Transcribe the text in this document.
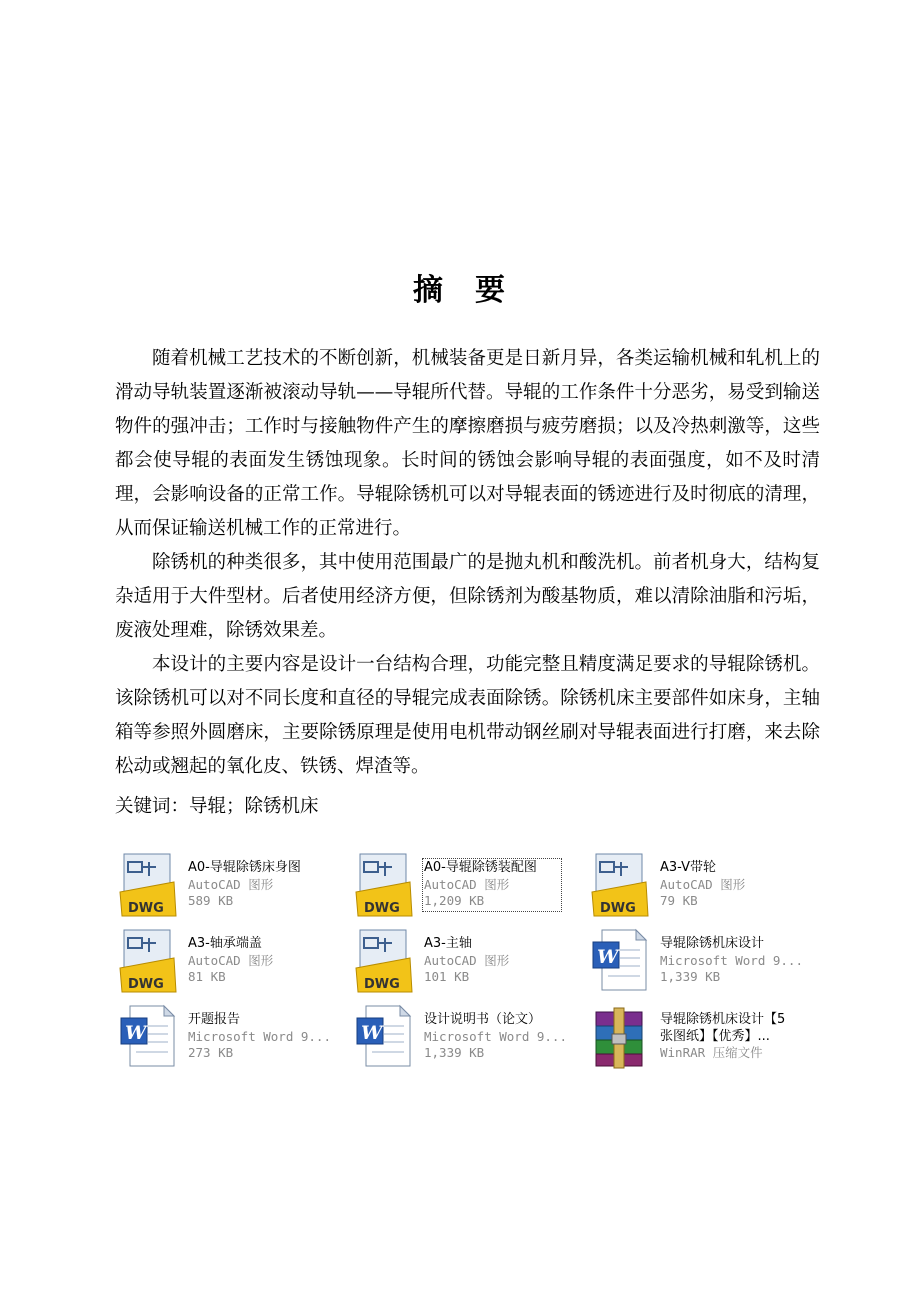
摘 要

随着机械工艺技术的不断创新，机械装备更是日新月异，各类运输机械和轧机上的滑动导轨装置逐渐被滚动导轨——导辊所代替。导辊的工作条件十分恶劣，易受到输送物件的强冲击；工作时与接触物件产生的摩擦磨损与疲劳磨损；以及冷热刺激等，这些都会使导辊的表面发生锈蚀现象。长时间的锈蚀会影响导辊的表面强度，如不及时清理，会影响设备的正常工作。导辊除锈机可以对导辊表面的锈迹进行及时彻底的清理，从而保证输送机械工作的正常进行。

除锈机的种类很多，其中使用范围最广的是抛丸机和酸洗机。前者机身大，结构复杂适用于大件型材。后者使用经济方便，但除锈剂为酸基物质，难以清除油脂和污垢，废液处理难，除锈效果差。

本设计的主要内容是设计一台结构合理，功能完整且精度满足要求的导辊除锈机。该除锈机可以对不同长度和直径的导辊完成表面除锈。除锈机床主要部件如床身，主轴箱等参照外圆磨床，主要除锈原理是使用电机带动钢丝刷对导辊表面进行打磨，来去除松动或翘起的氧化皮、铁锈、焊渣等。

关键词：导辊；除锈机床
DWG
A0-导辊除锈床身图
AutoCAD 图形
589 KB
DWG
A0-导辊除锈装配图
AutoCAD 图形
1,209 KB
DWG
A3-V带轮
AutoCAD 图形
79 KB
DWG
A3-轴承端盖
AutoCAD 图形
81 KB
DWG
A3-主轴
AutoCAD 图形
101 KB
W
导辊除锈机床设计
Microsoft Word 9...
1,339 KB
W
开题报告
Microsoft Word 9...
273 KB
W
设计说明书（论文）
Microsoft Word 9...
1,339 KB
导辊除锈机床设计【5
张图纸】【优秀】...
WinRAR 压缩文件
